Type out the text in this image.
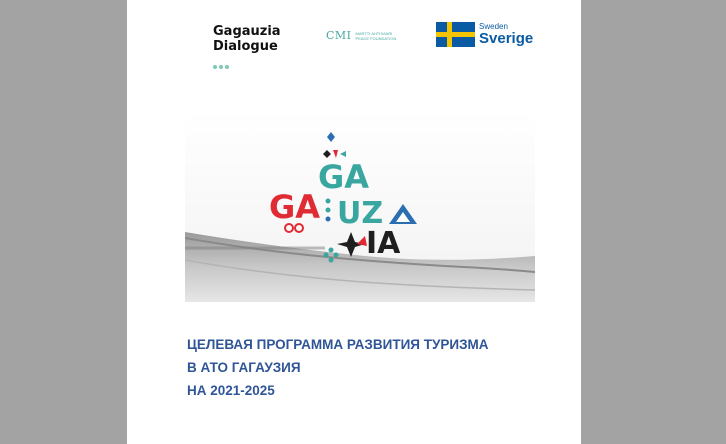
Gagauzia
Dialogue
CMI MARTTI AHTISAARI PEACE FOUNDATION
Sweden
Sverige
GA
GA UZ
IA
ЦЕЛЕВАЯ ПРОГРАММА РАЗВИТИЯ ТУРИЗМА
В АТО ГАГАУЗИЯ
НА 2021-2025
